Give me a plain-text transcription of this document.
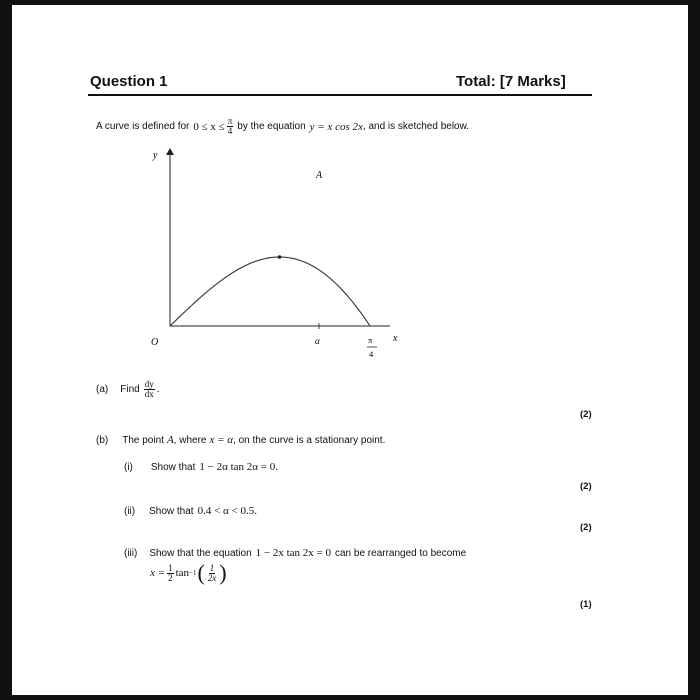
Question 1	Total: [7 Marks]
A curve is defined for $0 \le x \le \frac{\pi}{4}$ by the equation y = x cos 2x , and is sketched below.
y
x
O
A
α	π
4
(a) Find $\frac{dy}{dx}$ .
(2)
(b) The point A , where x = α , on the curve is a stationary point.
(i) Show that 1 − 2α tan 2α = 0.
(2)
(ii) Show that 0.4 < α < 0.5.
(2)
(iii) Show that the equation 1 − 2x tan 2x = 0 can be rearranged to become
$x = \frac{1}{2}$ tan −1 ( $\frac{1}{2x}$ )
(1)
